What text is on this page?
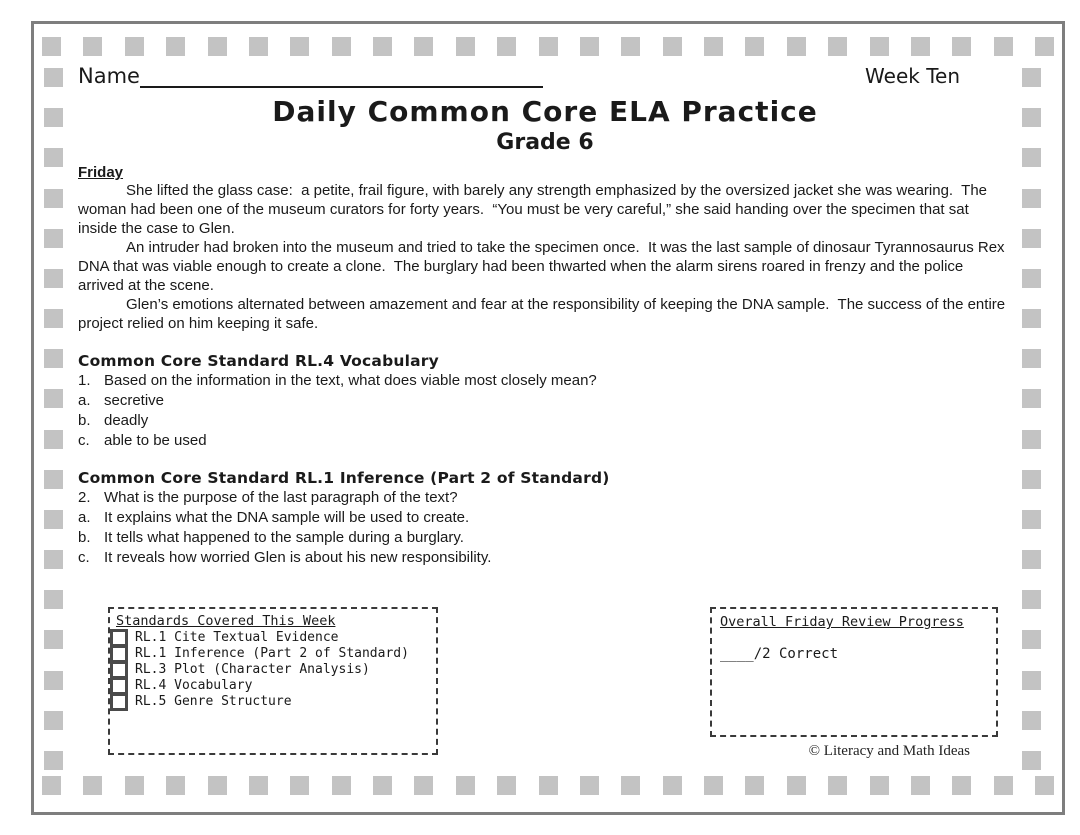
Name	Week Ten
Daily Common Core ELA Practice
Grade 6
Friday

She lifted the glass case:  a petite, frail figure, with barely any strength emphasized by the oversized jacket she was wearing.  The woman had been one of the museum curators for forty years.  “You must be very careful,” she said handing over the specimen that sat inside the case to Glen.

An intruder had broken into the museum and tried to take the specimen once.  It was the last sample of dinosaur Tyrannosaurus Rex DNA that was viable enough to create a clone.  The burglary had been thwarted when the alarm sirens roared in frenzy and the police arrived at the scene.

Glen’s emotions alternated between amazement and fear at the responsibility of keeping the DNA sample.  The success of the entire project relied on him keeping it safe.

Common Core Standard RL.4 Vocabulary
1. Based on the information in the text, what does viable most closely mean?
a. secretive
b. deadly
c. able to be used
Common Core Standard RL.1 Inference (Part 2 of Standard)
2. What is the purpose of the last paragraph of the text?
a. It explains what the DNA sample will be used to create.
b. It tells what happened to the sample during a burglary.
c. It reveals how worried Glen is about his new responsibility.
Standards Covered This Week
RL.1 Cite Textual Evidence
RL.1 Inference (Part 2 of Standard)
RL.3 Plot (Character Analysis)
RL.4 Vocabulary
RL.5 Genre Structure
Overall Friday Review Progress
____/2 Correct
© Literacy and Math Ideas
